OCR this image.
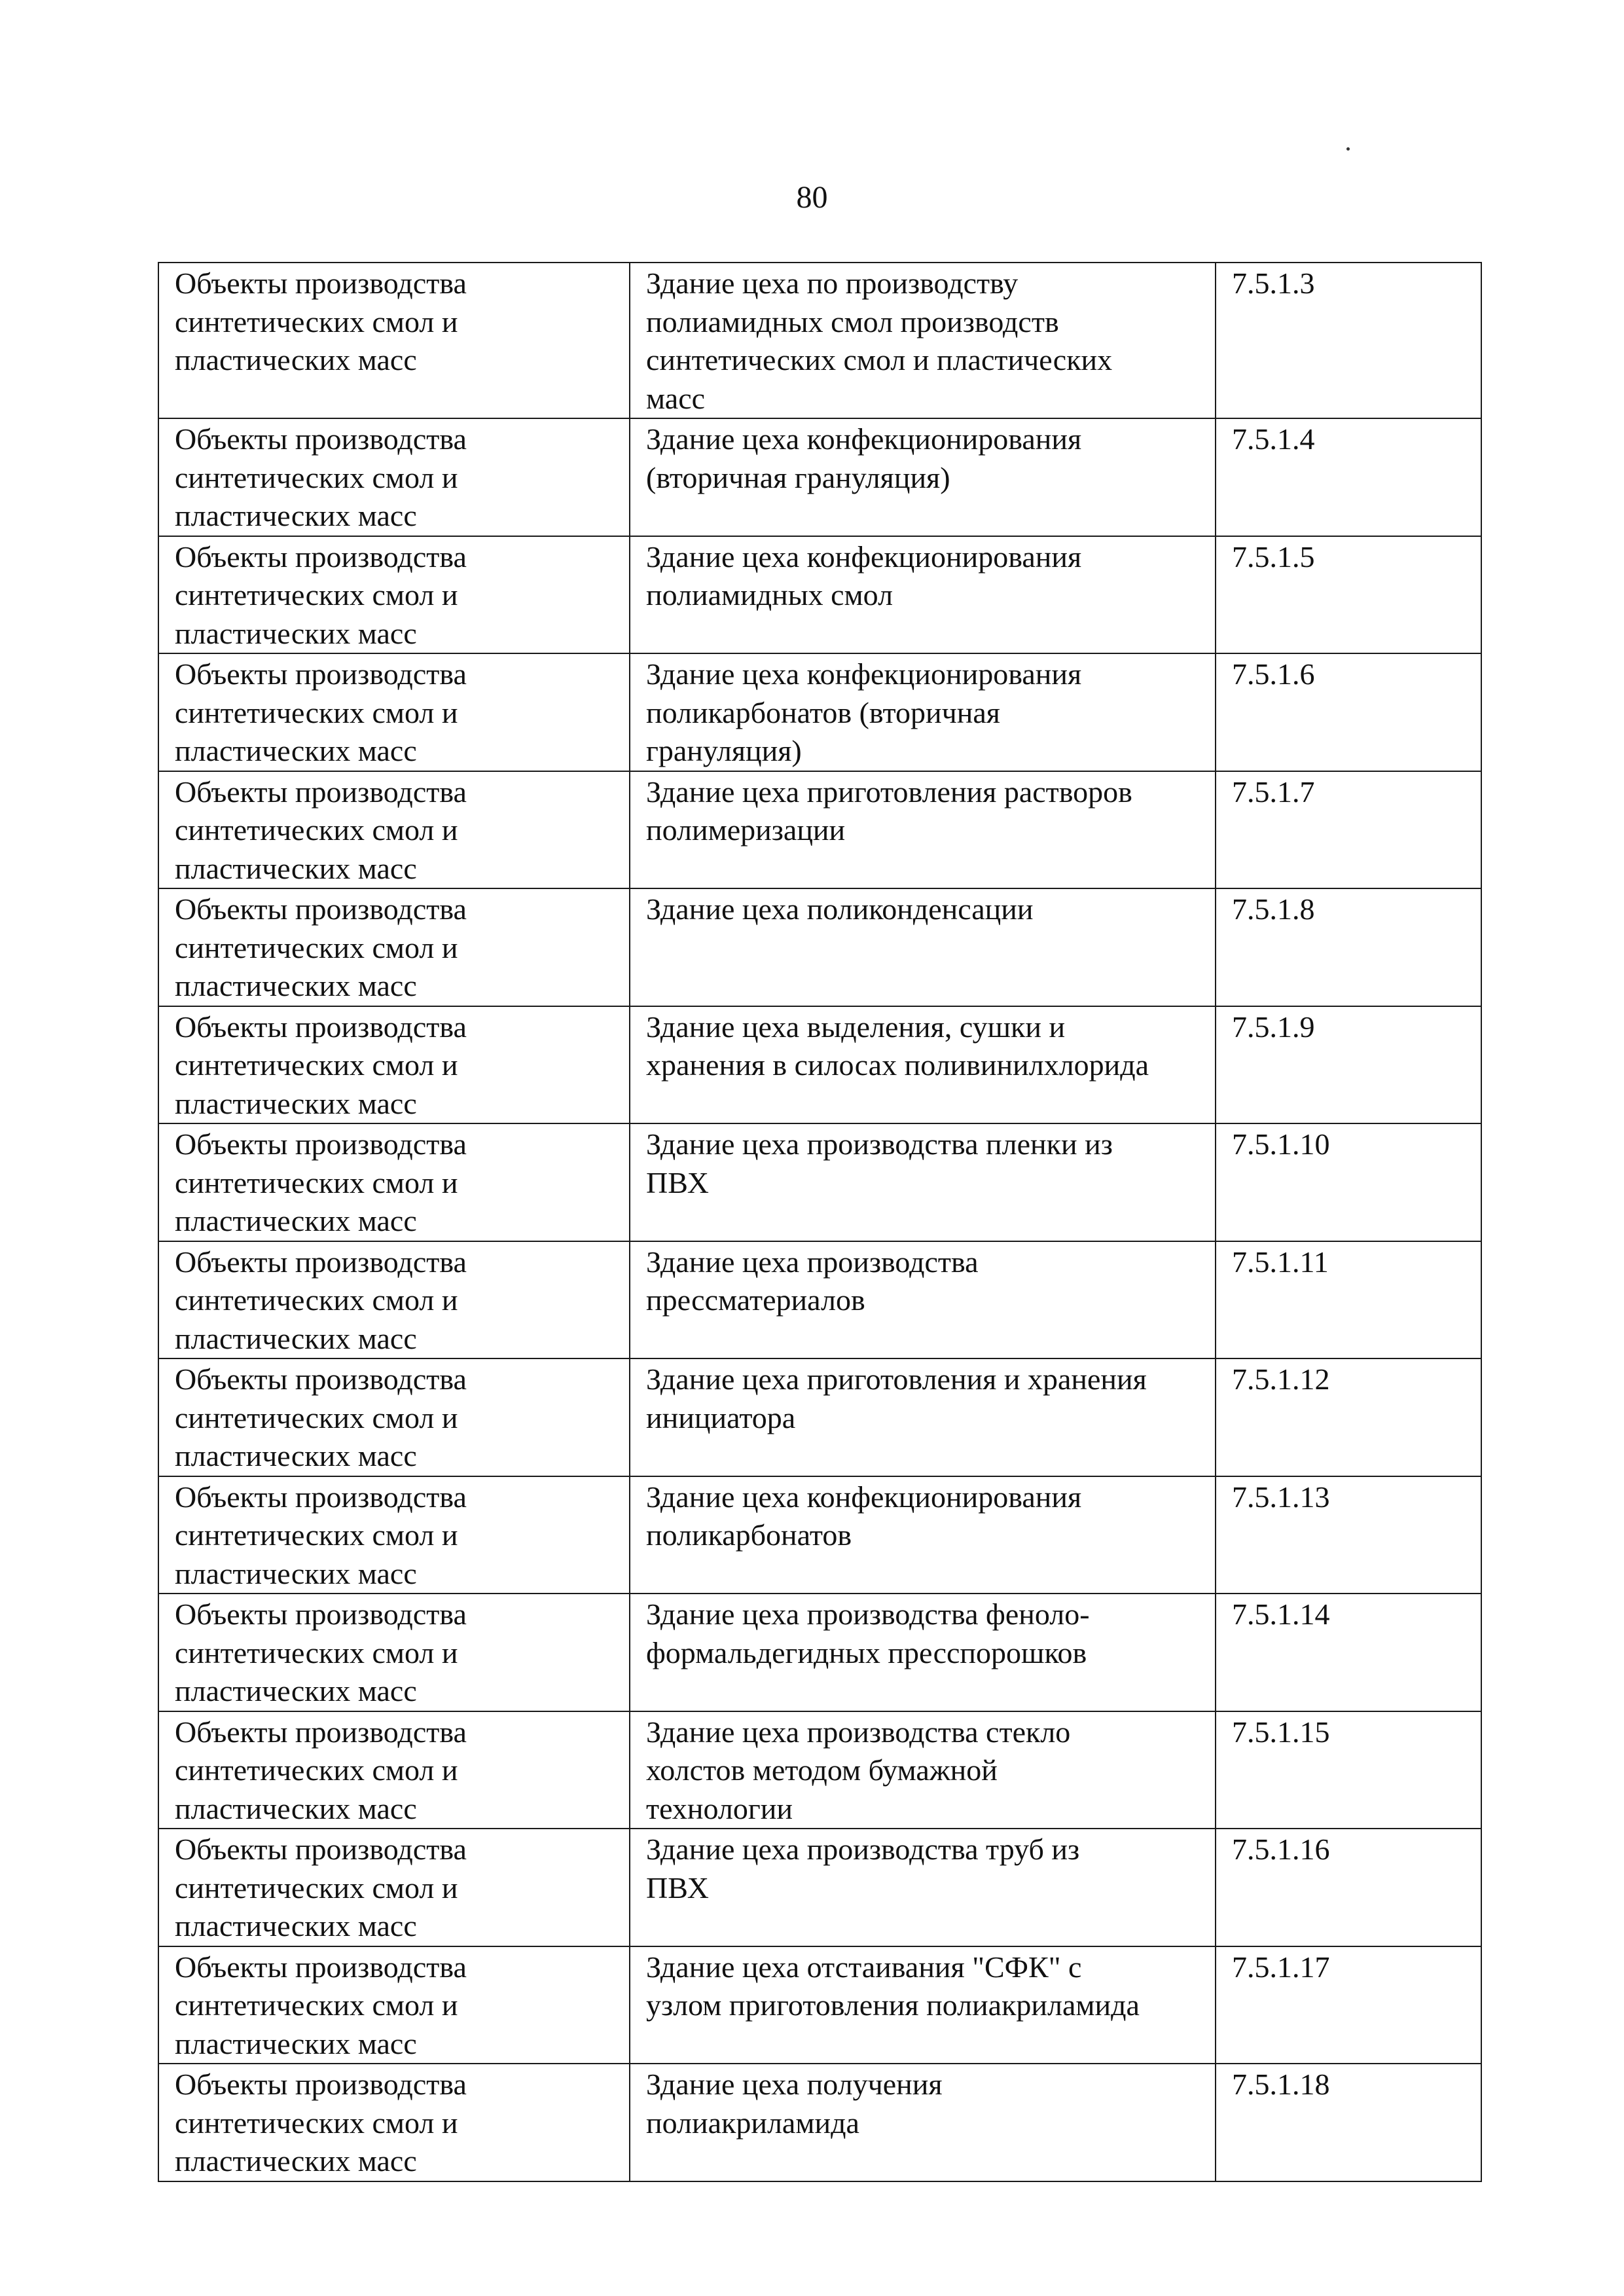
80
Объекты производства
синтетических смол и
пластических масс	Здание цеха по производству
полиамидных смол производств
синтетических смол и пластических
масс	7.5.1.3

Объекты производства
синтетических смол и
пластических масс	Здание цеха конфекционирования
(вторичная грануляция)	7.5.1.4

Объекты производства
синтетических смол и
пластических масс	Здание цеха конфекционирования
полиамидных смол	7.5.1.5

Объекты производства
синтетических смол и
пластических масс	Здание цеха конфекционирования
поликарбонатов (вторичная
грануляция)	7.5.1.6

Объекты производства
синтетических смол и
пластических масс	Здание цеха приготовления растворов
полимеризации	7.5.1.7

Объекты производства
синтетических смол и
пластических масс	Здание цеха поликонденсации	7.5.1.8

Объекты производства
синтетических смол и
пластических масс	Здание цеха выделения, сушки и
хранения в силосах поливинилхлорида	7.5.1.9

Объекты производства
синтетических смол и
пластических масс	Здание цеха производства пленки из
ПВХ	7.5.1.10

Объекты производства
синтетических смол и
пластических масс	Здание цеха производства
прессматериалов	7.5.1.11

Объекты производства
синтетических смол и
пластических масс	Здание цеха приготовления и хранения
инициатора	7.5.1.12

Объекты производства
синтетических смол и
пластических масс	Здание цеха конфекционирования
поликарбонатов	7.5.1.13

Объекты производства
синтетических смол и
пластических масс	Здание цеха производства феноло-
формальдегидных пресспорошков	7.5.1.14

Объекты производства
синтетических смол и
пластических масс	Здание цеха производства стекло
холстов методом бумажной
технологии	7.5.1.15

Объекты производства
синтетических смол и
пластических масс	Здание цеха производства труб из
ПВХ	7.5.1.16

Объекты производства
синтетических смол и
пластических масс	Здание цеха отстаивания "СФК" с
узлом приготовления полиакриламида	7.5.1.17

Объекты производства
синтетических смол и
пластических масс	Здание цеха получения
полиакриламида	7.5.1.18
